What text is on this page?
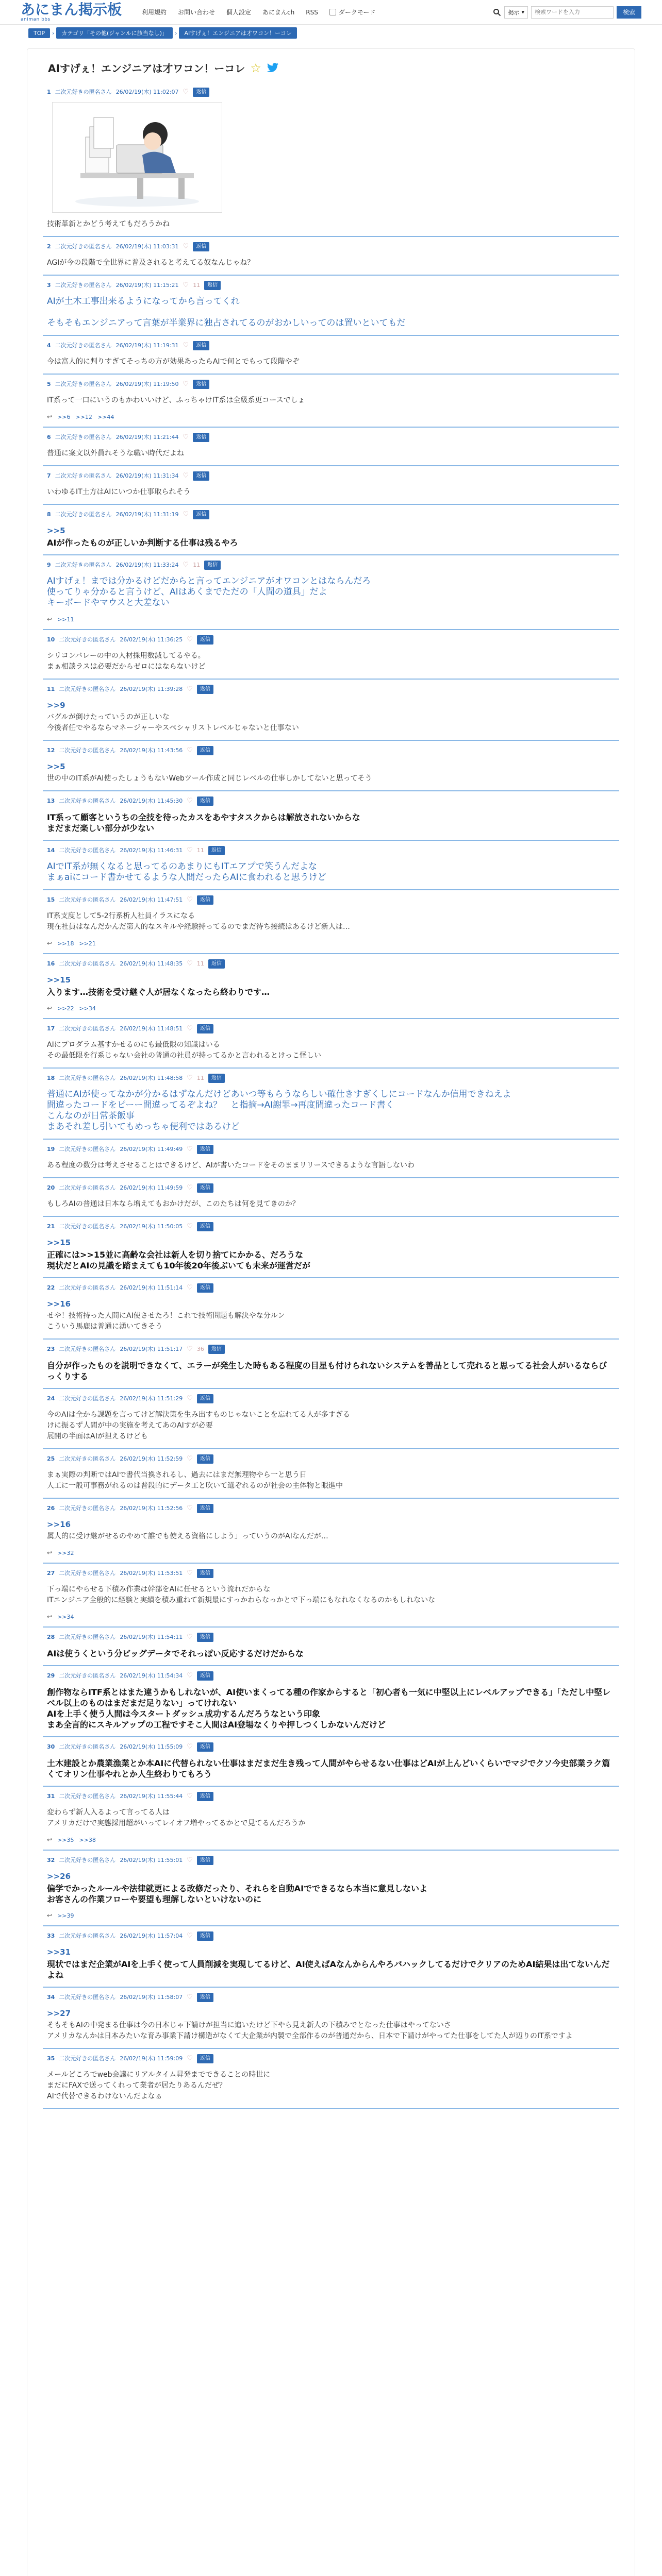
あにまん掲示板
animan bbs
利用規約 お問い合わせ 個人設定 あにまんch RSS	ダークモード	掲示 ▾
検索ワードを入力	検索
TOP	›	カテゴリ「その他(ジャンルに該当なし)」	›	AIすげぇ！エンジニアは才ワコン！ーコレ
AIすげぇ！エンジニアは才ワコン！ーコレ ☆
1 二次元好きの匿名さん 26/02/19(木) 11:02:07 ♡	返信
技術革新とかどう考えてもだろうかね
2 二次元好きの匿名さん 26/02/19(木) 11:03:31 ♡	返信
AGIが今の段階で全世界に普及されると考えてる奴なんじゃね？
3 二次元好きの匿名さん 26/02/19(木) 11:15:21 ♡ 11	返信
AIが土木工事出来るようになってから言ってくれ
そもそもエンジニアって言葉が半業界に独占されてるのがおかしいってのは置いといてもだ
4 二次元好きの匿名さん 26/02/19(木) 11:19:31 ♡	返信
今は富人的に判りすぎてそっちの方が効果あったらAIで何とでもって段階やぞ
5 二次元好きの匿名さん 26/02/19(木) 11:19:50 ♡	返信
IT系って一口にいうのもかわいいけど、ふっちゃけIT系は全級系更コースでしょ
↩ >>6 >>12 >>44
6 二次元好きの匿名さん 26/02/19(木) 11:21:44 ♡	返信
普通に案文以外員れそうな職い時代だよね
7 二次元好きの匿名さん 26/02/19(木) 11:31:34 ♡	返信
いわゆるIT土方はAIにいつか仕事取られそう
8 二次元好きの匿名さん 26/02/19(木) 11:31:19 ♡	返信
>>5
AIが作ったものが正しいか判断する仕事は残るやろ
9 二次元好きの匿名さん 26/02/19(木) 11:33:24 ♡ 11	返信
AIすげぇ！までは分かるけどだからと言ってエンジニアがオワコンとはならんだろ
使ってりゃ分かると言うけど、AIはあくまでただの「人間の道具」だよ
キーボードやマウスと大差ない
↩ >>11
10 二次元好きの匿名さん 26/02/19(木) 11:36:25 ♡	返信
シリコンバレーの中の人材採用数減してるやる。
まぁ相談ラスは必要だからゼロにはならないけど
11 二次元好きの匿名さん 26/02/19(木) 11:39:28 ♡	返信
>>9
バグルが倒けたっていうのが正しいな
今後者任でやるならマネージャーやスペシャリストレベルじゃないと仕事ない
12 二次元好きの匿名さん 26/02/19(木) 11:43:56 ♡	返信
>>5
世の中のIT系がAI使ったしょうもないWebツール作成と同じレベルの仕事しかしてないと思ってそう
13 二次元好きの匿名さん 26/02/19(木) 11:45:30 ♡	返信
IT系って顧客というちの全技を待ったカスをあやすタスクからは解放されないからな
まだまだ楽しい部分が少ない
14 二次元好きの匿名さん 26/02/19(木) 11:46:31 ♡ 11	返信
AIでIT系が無くなると思ってるのあまりにもITエアプで笑うんだよな
まぁaiにコード書かせてるような人間だったらAIに食われると思うけど
15 二次元好きの匿名さん 26/02/19(木) 11:47:51 ♡	返信
IT系支度として5-2行系析人社員イラスになる
現在社員はなんだかんだ第人的なスキルや経験持ってるのでまだ待ち接続はあるけど新人は…
↩ >>18 >>21
16 二次元好きの匿名さん 26/02/19(木) 11:48:35 ♡ 11	返信
>>15
入ります…技術を受け継ぐ人が居なくなったら終わりです…
↩ >>22 >>34
17 二次元好きの匿名さん 26/02/19(木) 11:48:51 ♡	返信
AIにプロダラム基すかせるのにも最低限の知識はいる
その最低限を行系じゃない会社の普通の社員が持ってるかと言われるとけっこ怪しい
18 二次元好きの匿名さん 26/02/19(木) 11:48:58 ♡ 11	返信
普通にAIが使ってなかが分かるはずなんだけどあいつ等もらうならしい確仕きすぎくしにコードなんか信用できねえよ
間違ったコードをピーー間違ってるぞよね？　と指摘→AI謝罪→再度間違ったコード書く
こんなのが日常茶飯事
まあそれ差し引いてもめっちゃ便利ではあるけど
19 二次元好きの匿名さん 26/02/19(木) 11:49:49 ♡	返信
ある程度の数分は考えさせることはできるけど、AIが書いたコードをそのままリリースできるような言語しないわ
20 二次元好きの匿名さん 26/02/19(木) 11:49:59 ♡	返信
もしろAIの普通は日本なら増えてもおかけだが、このたちは何を見てきのか？
21 二次元好きの匿名さん 26/02/19(木) 11:50:05 ♡	返信
>>15
正確には>>15並に高齢な会社は新人を切り捨てにかかる、だろうな
現状だとAIの見識を踏まえても10年後20年後ぶいても未来が運営だが
22 二次元好きの匿名さん 26/02/19(木) 11:51:14 ♡	返信
>>16
せや！技術持った人間にAI使させたろ！これで技術問題も解決やな分ルン
こういう馬鹿は普通に湧いてきそう
23 二次元好きの匿名さん 26/02/19(木) 11:51:17 ♡ 36	返信
自分が作ったものを説明できなくて、エラーが発生した時もある程度の目星も付けられないシステムを善品として売れると思ってる社会人がいるならびっくりする
24 二次元好きの匿名さん 26/02/19(木) 11:51:29 ♡	返信
今のAIは全から課題を言ってけど解決策を生み出すものじゃないことを忘れてる人が多すぎる
けに振るず人間が中の実施を考えてあのAIすが必要
展開の半面はAIが担えるけども
25 二次元好きの匿名さん 26/02/19(木) 11:52:59 ♡	返信
まぁ実際の判断ではAIで書代当換されるし、過去にはまだ無理物やら一と思う日
人工に一般可事務がれるのは普段的にデータ工と吹いて選ぞれるのが社会の主体物と眼進中
26 二次元好きの匿名さん 26/02/19(木) 11:52:56 ♡	返信
>>16
属人的に受け継がせるのやめて誰でも使える資格にしよう」っていうのがAIなんだが…
↩ >>32
27 二次元好きの匿名さん 26/02/19(木) 11:53:51 ♡	返信
下っ端にやらせる下積み作業は幹部をAIに任せるという流れだからな
ITエンジニア全般的に経験と実績を積み重ねて新規最にすっかわらなっかとで下っ端にもなれなくなるのかもしれないな
↩ >>34
28 二次元好きの匿名さん 26/02/19(木) 11:54:11 ♡	返信
AIは使うくという分ビッグデータでそれっぽい反応するだけだからな
29 二次元好きの匿名さん 26/02/19(木) 11:54:34 ♡	返信
創作物ならITF系とはまた違うかもしれないが、AI使いまくってる種の作家からすると「初心者も一気に中堅以上にレベルアップできる」「ただし中堅レベル以上のものはまだまだ足りない」ってけれない
AIを上手く使う人間は今スタートダッシュ成功するんだろうなという印象
まあ全言的にスキルアップの工程ですそこ人間はAI登場なくりや押しつくしかないんだけど
30 二次元好きの匿名さん 26/02/19(木) 11:55:09 ♡	返信
土木建設とか農業漁業とか本AIに代替られない仕事はまだまだ生き残って人間がやらせるない仕事はどAIが上んどいくらいでマジでクソ今史部業ラク篇くてオリン仕事やれとか人生終わりてもろう
31 二次元好きの匿名さん 26/02/19(木) 11:55:44 ♡	返信
変わらず新人入るよって言ってる人は
アメリカだけで実態採用超がいってレイオフ増やってるかとで見てるんだろうか
↩ >>35 >>38
32 二次元好きの匿名さん 26/02/19(木) 11:55:01 ♡	返信
>>26
偏学でかったルールや法律就更による改修だったり、それらを自動AIでできるなら本当に意見しないよ
お客さんの作業フローや要望も理解しないといけないのに
↩ >>39
33 二次元好きの匿名さん 26/02/19(木) 11:57:04 ♡	返信
>>31
現状ではまだ企業がAIを上手く使って人員削減を実現してるけど、AI使えばAなんからんやろバハックしてるだけでクリアのためAI結果は出てないんだよね
34 二次元好きの匿名さん 26/02/19(木) 11:58:07 ♡	返信
>>27
そもそもAIの中発まる仕事は今の日本じゃ下請けが担当に追いたけど下やら見え新人の下積みでとなった仕事はやってないさ
アメリカなんかは日本みたいな育み事業下請け構造がなくて大企業が内製で全部作るのが普通だから、日本で下請けがやってた仕事をしてた人が辺りのIT系ですよ
35 二次元好きの匿名さん 26/02/19(木) 11:59:09 ♡	返信
メールどころでweb会議にリアルタイム昇発までできることの時世に
まだにFAXで送ってくれって業者が居たりあるんだぜ？
AIで代替できるわけないんだよなぁ
